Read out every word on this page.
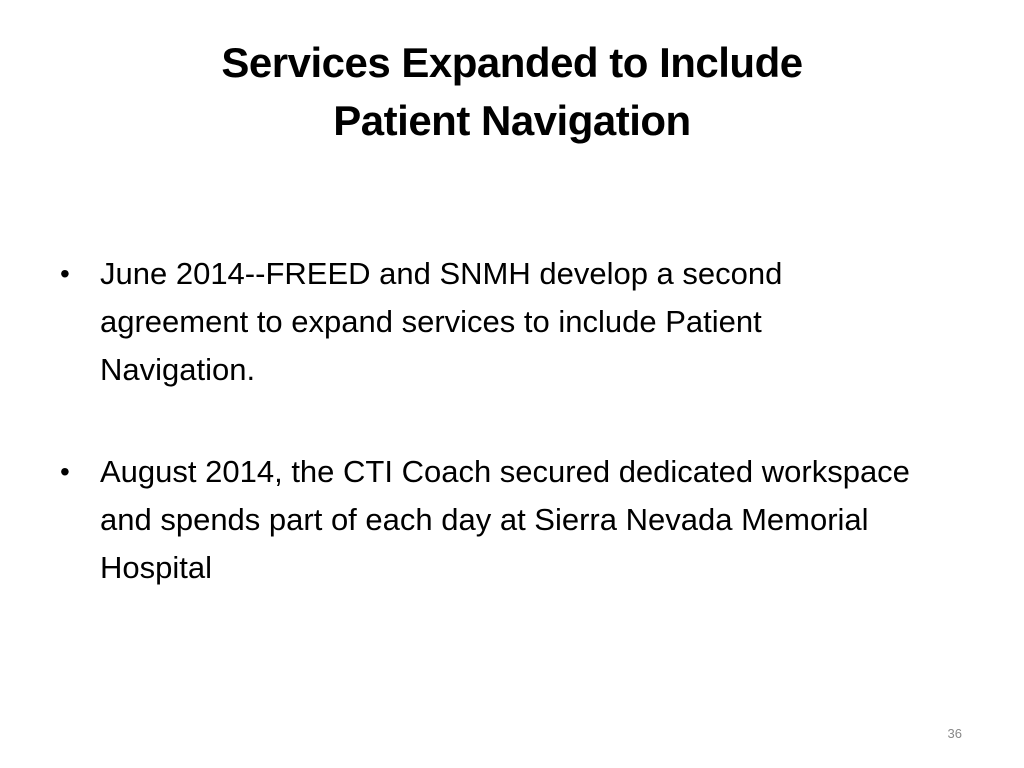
Services Expanded to Include
Patient Navigation
• June 2014--FREED and SNMH develop a second agreement to expand services to include Patient Navigation.
• August 2014, the CTI Coach secured dedicated workspace and spends part of each day at Sierra Nevada Memorial Hospital
36
